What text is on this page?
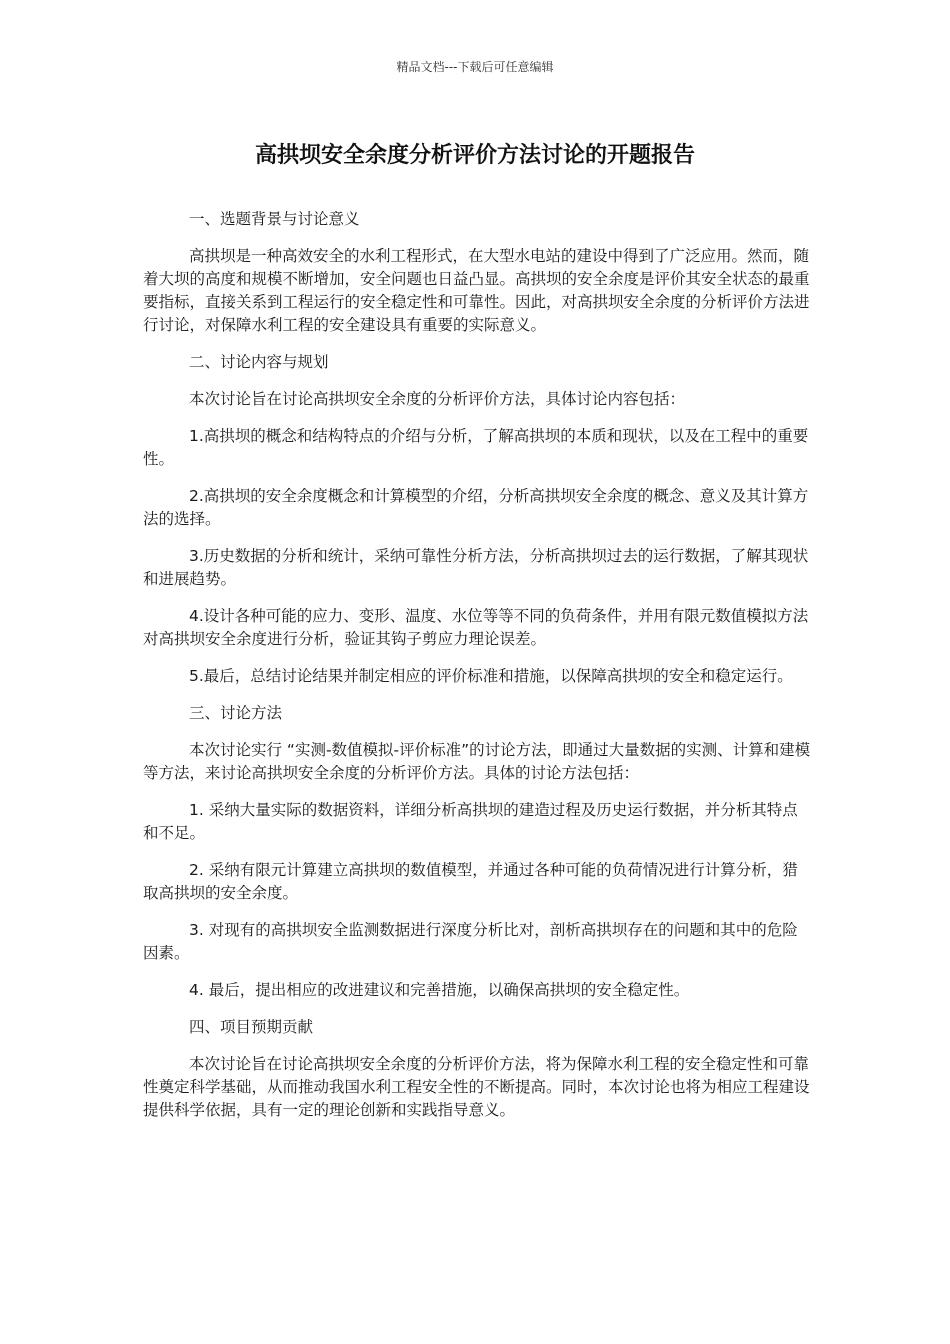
精品文档---下载后可任意编辑
高拱坝安全余度分析评价方法讨论的开题报告

一、选题背景与讨论意义

高拱坝是一种高效安全的水利工程形式，在大型水电站的建设中得到了广泛应用。然而，随着大坝的高度和规模不断增加，安全问题也日益凸显。高拱坝的安全余度是评价其安全状态的最重要指标，直接关系到工程运行的安全稳定性和可靠性。因此，对高拱坝安全余度的分析评价方法进行讨论，对保障水利工程的安全建设具有重要的实际意义。

二、讨论内容与规划

本次讨论旨在讨论高拱坝安全余度的分析评价方法，具体讨论内容包括：

1.高拱坝的概念和结构特点的介绍与分析，了解高拱坝的本质和现状，以及在工程中的重要性。

2.高拱坝的安全余度概念和计算模型的介绍，分析高拱坝安全余度的概念、意义及其计算方法的选择。

3.历史数据的分析和统计，采纳可靠性分析方法，分析高拱坝过去的运行数据，了解其现状和进展趋势。

4.设计各种可能的应力、变形、温度、水位等等不同的负荷条件，并用有限元数值模拟方法对高拱坝安全余度进行分析，验证其钩子剪应力理论误差。

5.最后，总结讨论结果并制定相应的评价标准和措施，以保障高拱坝的安全和稳定运行。

三、讨论方法

本次讨论实行 “实测-数值模拟-评价标准”的讨论方法，即通过大量数据的实测、计算和建模等方法，来讨论高拱坝安全余度的分析评价方法。具体的讨论方法包括：

1. 采纳大量实际的数据资料，详细分析高拱坝的建造过程及历史运行数据，并分析其特点和不足。

2. 采纳有限元计算建立高拱坝的数值模型，并通过各种可能的负荷情况进行计算分析，猎取高拱坝的安全余度。

3. 对现有的高拱坝安全监测数据进行深度分析比对，剖析高拱坝存在的问题和其中的危险因素。

4. 最后，提出相应的改进建议和完善措施，以确保高拱坝的安全稳定性。

四、项目预期贡献

本次讨论旨在讨论高拱坝安全余度的分析评价方法，将为保障水利工程的安全稳定性和可靠性奠定科学基础，从而推动我国水利工程安全性的不断提高。同时，本次讨论也将为相应工程建设提供科学依据，具有一定的理论创新和实践指导意义。
